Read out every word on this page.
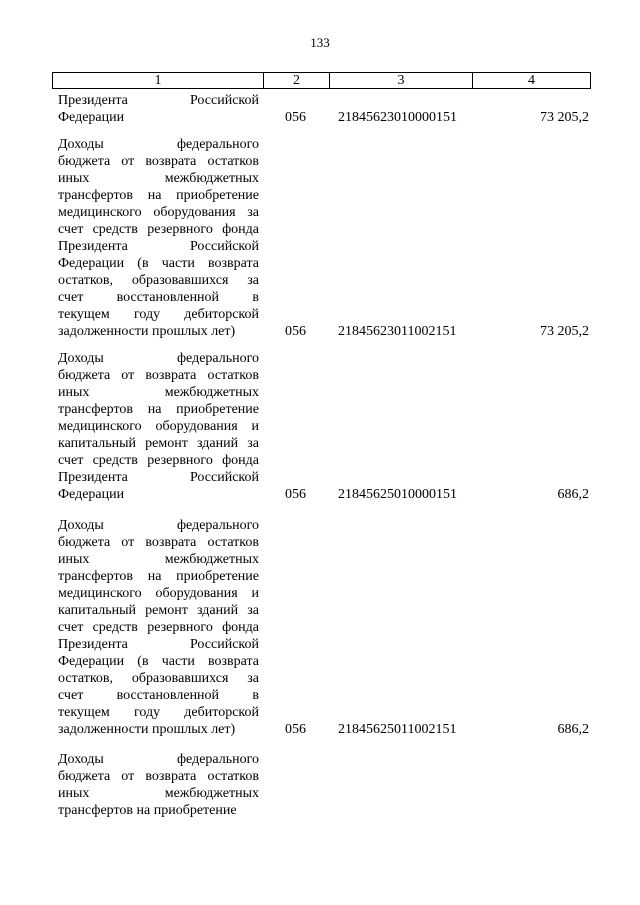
133
1	2	3	4
Президента Российской
Федерации	056	21845623010000151	73 205,2
Доходы федерального
бюджета от возврата остатков
иных межбюджетных
трансфертов на приобретение
медицинского оборудования за
счет средств резервного фонда
Президента Российской
Федерации (в части возврата
остатков, образовавшихся за
счет восстановленной в
текущем году дебиторской
задолженности прошлых лет)	056	21845623011002151	73 205,2
Доходы федерального
бюджета от возврата остатков
иных межбюджетных
трансфертов на приобретение
медицинского оборудования и
капитальный ремонт зданий за
счет средств резервного фонда
Президента Российской
Федерации	056	21845625010000151	686,2
Доходы федерального
бюджета от возврата остатков
иных межбюджетных
трансфертов на приобретение
медицинского оборудования и
капитальный ремонт зданий за
счет средств резервного фонда
Президента Российской
Федерации (в части возврата
остатков, образовавшихся за
счет восстановленной в
текущем году дебиторской
задолженности прошлых лет)	056	21845625011002151	686,2
Доходы федерального
бюджета от возврата остатков
иных межбюджетных
трансфертов на приобретение
